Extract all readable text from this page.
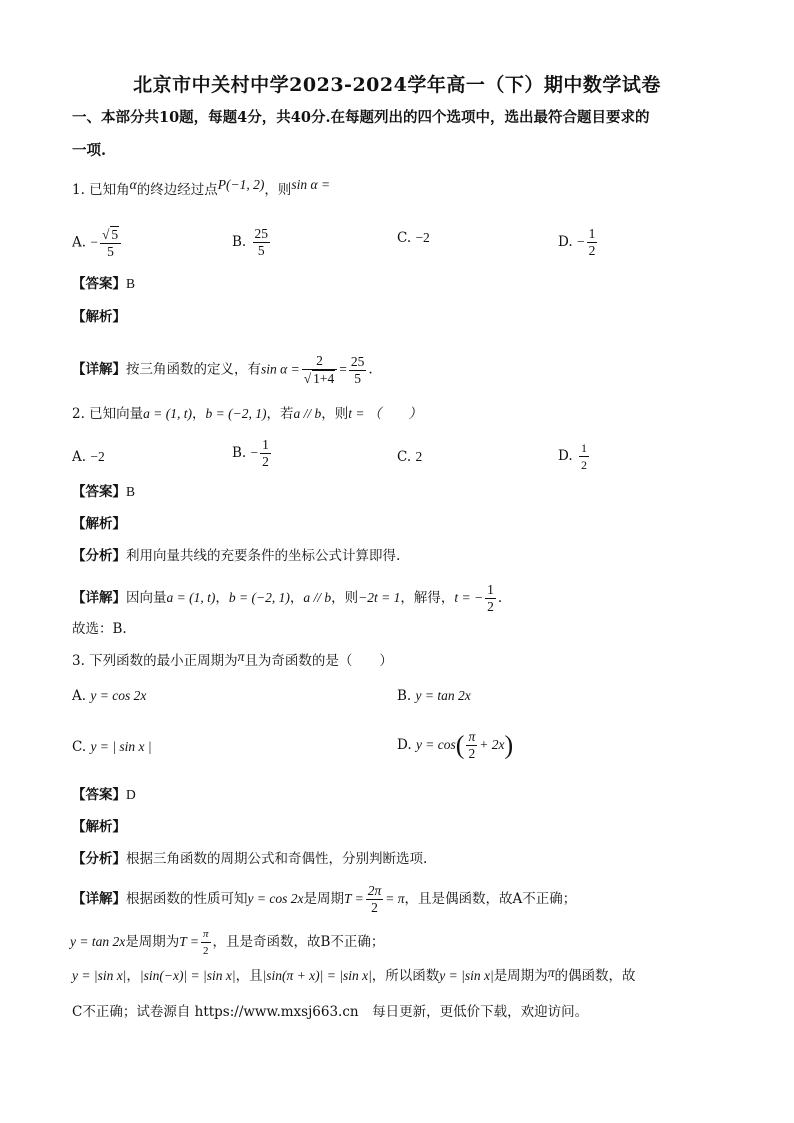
北京市中关村中学2023-2024学年高一（下）期中数学试卷
一、本部分共10题，每题4分，共40分.在每题列出的四个选项中，选出最符合题目要求的
一项.
1. 已知角α的终边经过点P(−1, 2)，则sin α =
A. − $\frac{√ 5}{5}$	B. $\frac{25}{5}$	C. −2	D. − $\frac{1}{2}$
【答案】B
【解析】
【详解】按三角函数的定义，有$\sin \alpha = \frac{2}{√ 1+4} = \frac{25}{5}$ .
2. 已知向量a = (1, t)，b = (−2, 1)，若a // b，则t = （　　）
A. −2	B. − $\frac{1}{2}$	C. 2	D. $\frac{1}{2}$
【答案】B
【解析】
【分析】利用向量共线的充要条件的坐标公式计算即得.
【详解】因向量a = (1, t)，b = (−2, 1)，a // b，则−2t = 1，解得，t = − $\frac{1}{2}$ .
故选：B.
3. 下列函数的最小正周期为π且为奇函数的是（　　）
A. y = cos 2x	B. y = tan 2x
C. y = | sin x |	D. $y = \cos( \frac{\pi}{2} + 2x)$
【答案】D
【解析】
【分析】根据三角函数的周期公式和奇偶性，分别判断选项.
【详解】根据函数的性质可知y = cos 2x是周期$T = \frac{2\pi}{2} = \pi$，且是偶函数，故A不正确；
y = tan 2x是周期为$T = \frac{\pi}{2}$ ，且是奇函数，故B不正确；
y = |sin x|，|sin(−x)| = |sin x|，且|sin(π + x)| = |sin x|，所以函数y = |sin x|是周期为π的偶函数，故
C不正确；试卷源自 https://www.mxsj663.cn　每日更新，更低价下载，欢迎访问。
